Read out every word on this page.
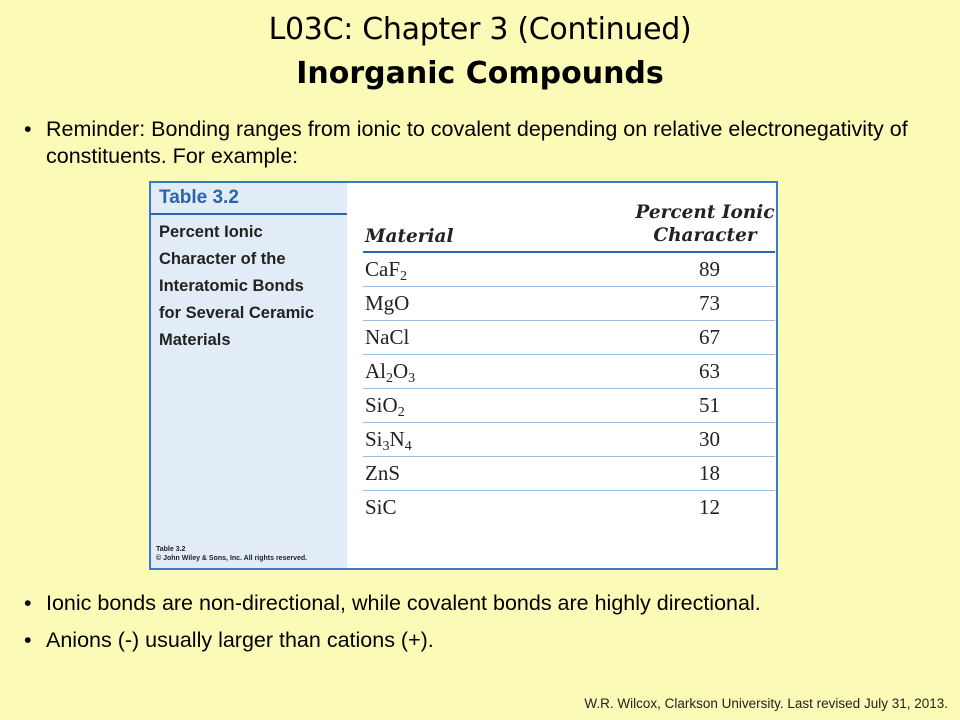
L03C: Chapter 3 (Continued)
Inorganic Compounds
• Reminder: Bonding ranges from ionic to covalent depending on relative electronegativity of constituents. For example:
Table 3.2
Percent Ionic
Character of the
Interatomic Bonds
for Several Ceramic
Materials
Table 3.2
© John Wiley & Sons, Inc. All rights reserved.
Material
Percent Ionic
Character
CaF$_2$	89
MgO	73
NaCl	67
$Al_2O_3$	63
SiO$_2$	51
$Si_3N_4$	30
ZnS	18
SiC	12
• Ionic bonds are non-directional, while covalent bonds are highly directional.
• Anions (-) usually larger than cations (+).
W.R. Wilcox, Clarkson University. Last revised July 31, 2013.
